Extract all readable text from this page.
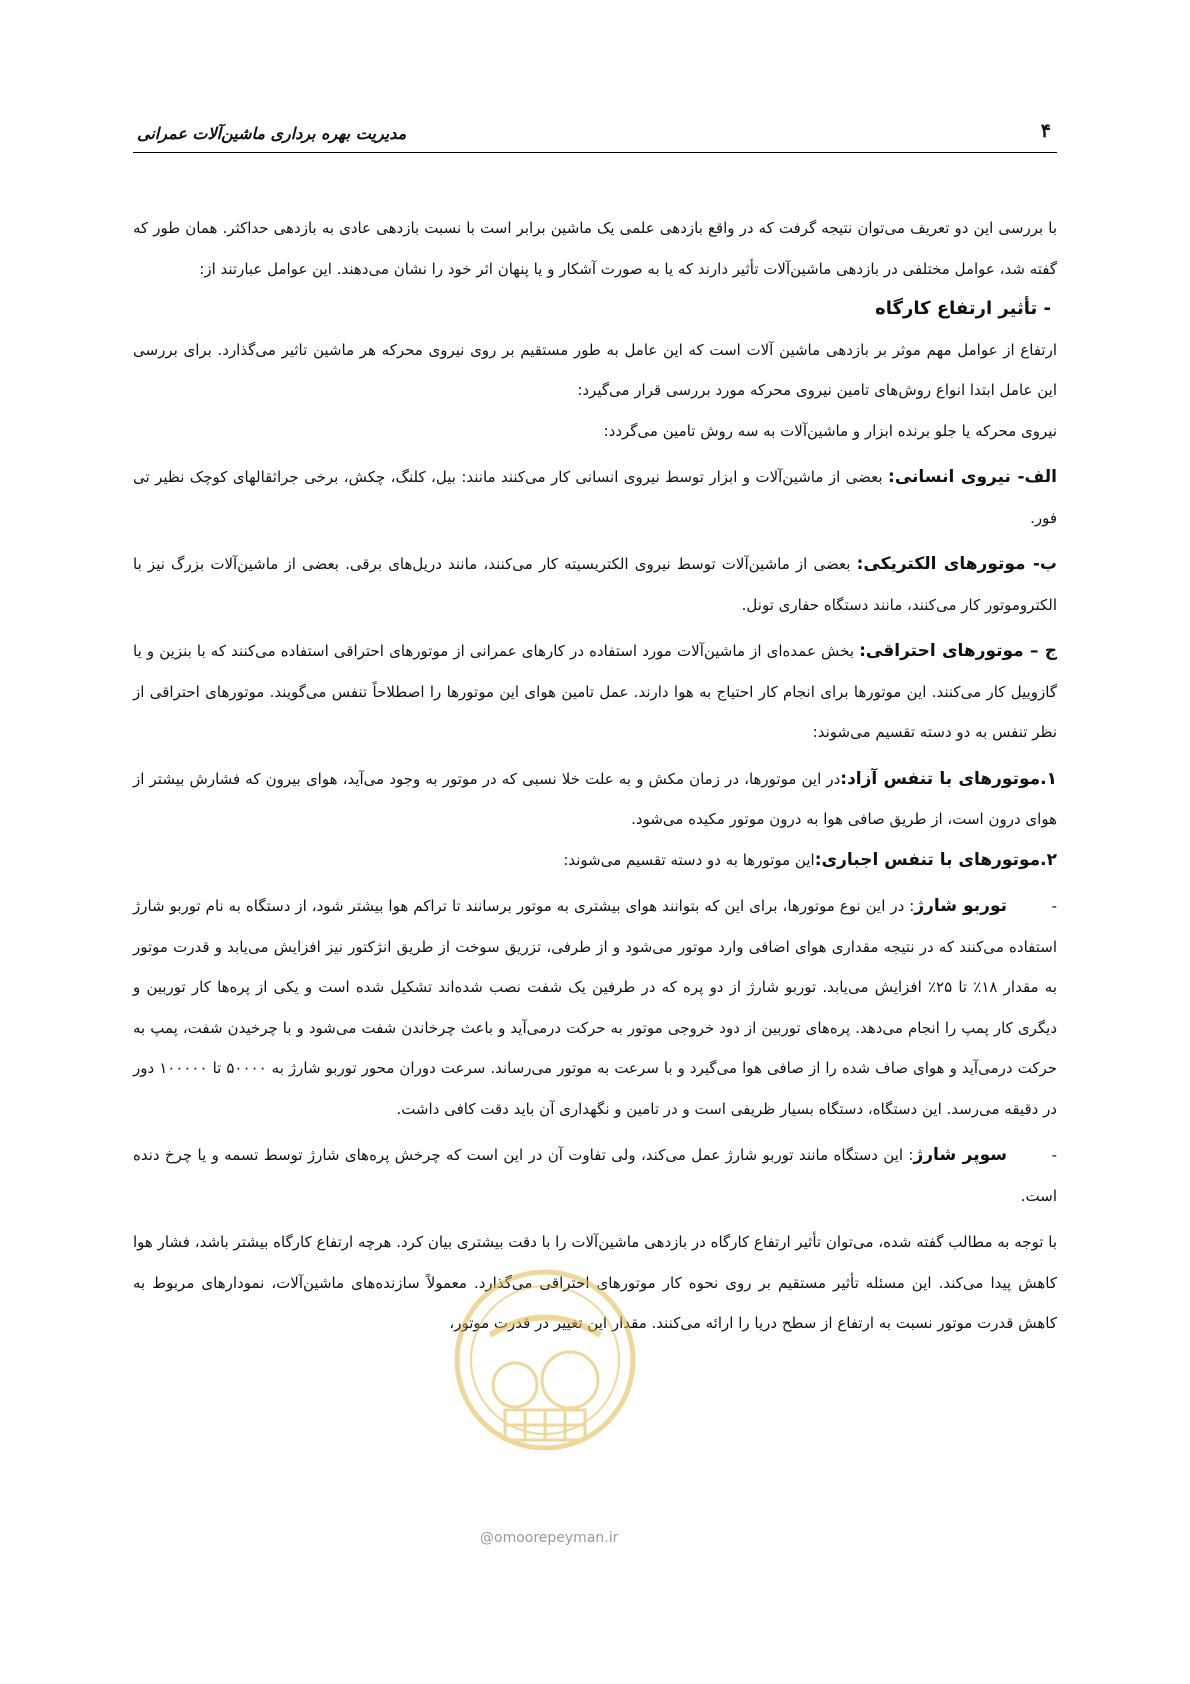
۴
مدیریت بهره برداری ماشین‌آلات عمرانی

با بررسی این دو تعریف می‌توان نتیجه گرفت که در واقع بازدهی علمی یک ماشین برابر است با نسبت بازدهی عادی به بازدهی حداکثر. همان طور که گفته شد، عوامل مختلفی در بازدهی ماشین‌آلات تأثیر دارند که یا به صورت آشکار و یا پنهان اثر خود را نشان می‌دهند. این عوامل عبارتند از:

- تأثیر ارتفاع کارگاه

ارتفاع از عوامل مهم موثر بر بازدهی ماشین آلات است که این عامل به طور مستقیم بر روی نیروی محرکه هر ماشین تاثیر می‌گذارد. برای بررسی این عامل ابتدا انواع روش‌های تامین نیروی محرکه مورد بررسی قرار می‌گیرد:

نیروی محرکه یا جلو برنده ابزار و ماشین‌آلات به سه روش تامین می‌گردد:

الف- نیروی انسانی: بعضی از ماشین‌آلات و ابزار توسط نیروی انسانی کار می‌کنند مانند: بیل، کلنگ، چکش، برخی جراثقالهای کوچک نظیر تی فور.

ب- موتورهای الکتریکی: بعضی از ماشین‌آلات توسط نیروی الکتریسیته کار می‌کنند، مانند دریل‌های برقی. بعضی از ماشین‌آلات بزرگ نیز با الکتروموتور کار می‌کنند، مانند دستگاه حفاری تونل.

ج – موتورهای احتراقی: بخش عمده‌ای از ماشین‌آلات مورد استفاده در کارهای عمرانی از موتورهای احتراقی استفاده می‌کنند که با بنزین و یا گازوییل کار می‌کنند. این موتورها برای انجام کار احتیاج به هوا دارند. عمل تامین هوای این موتورها را اصطلاحاً تنفس می‌گویند. موتورهای احتراقی از نظر تنفس به دو دسته تقسیم می‌شوند:

۱.موتورهای با تنفس آزاد:در این موتورها، در زمان مکش و به علت خلا نسبی که در موتور به وجود می‌آید، هوای بیرون که فشارش بیشتر از هوای درون است، از طریق صافی هوا به درون موتور مکیده می‌شود.

۲.موتورهای با تنفس اجباری:این موتورها به دو دسته تقسیم می‌شوند:

-توربو شارژ: در این نوع موتورها، برای این که بتوانند هوای بیشتری به موتور برسانند تا تراکم هوا بیشتر شود، از دستگاه به نام توربو شارژ استفاده می‌کنند که در نتیجه مقداری هوای اضافی وارد موتور می‌شود و از طرفی، تزریق سوخت از طریق انژکتور نیز افزایش می‌یابد و قدرت موتور به مقدار ۱۸٪ تا ۲۵٪ افزایش می‌یابد. توربو شارژ از دو پره که در طرفین یک شفت نصب شده‌اند تشکیل شده است و یکی از پره‌ها کار توربین و دیگری کار پمپ را انجام می‌دهد. پره‌های توربین از دود خروجی موتور به حرکت درمی‌آید و باعث چرخاندن شفت می‌شود و با چرخیدن شفت، پمپ به حرکت درمی‌آید و هوای صاف شده را از صافی هوا می‌گیرد و با سرعت به موتور می‌رساند. سرعت دوران محور توربو شارژ به ۵۰۰۰۰ تا ۱۰۰۰۰۰ دور در دقیقه می‌رسد. این دستگاه، دستگاه بسیار ظریفی است و در تامین و نگهداری آن باید دقت کافی داشت.

-سوپر شارژ: این دستگاه مانند توربو شارژ عمل می‌کند، ولی تفاوت آن در این است که چرخش پره‌های شارژ توسط تسمه و یا چرخ دنده است.

با توجه به مطالب گفته شده، می‌توان تأثیر ارتفاع کارگاه در بازدهی ماشین‌آلات را با دقت بیشتری بیان کرد. هرچه ارتفاع کارگاه بیشتر باشد، فشار هوا کاهش پیدا می‌کند. این مسئله تأثیر مستقیم بر روی نحوه کار موتورهای احتراقی می‌گذارد. معمولاً سازنده‌های ماشین‌آلات، نمودارهای مربوط به کاهش قدرت موتور نسبت به ارتفاع از سطح دریا را ارائه می‌کنند. مقدار این تغییر در قدرت موتور،

@omoorepeyman.ir
